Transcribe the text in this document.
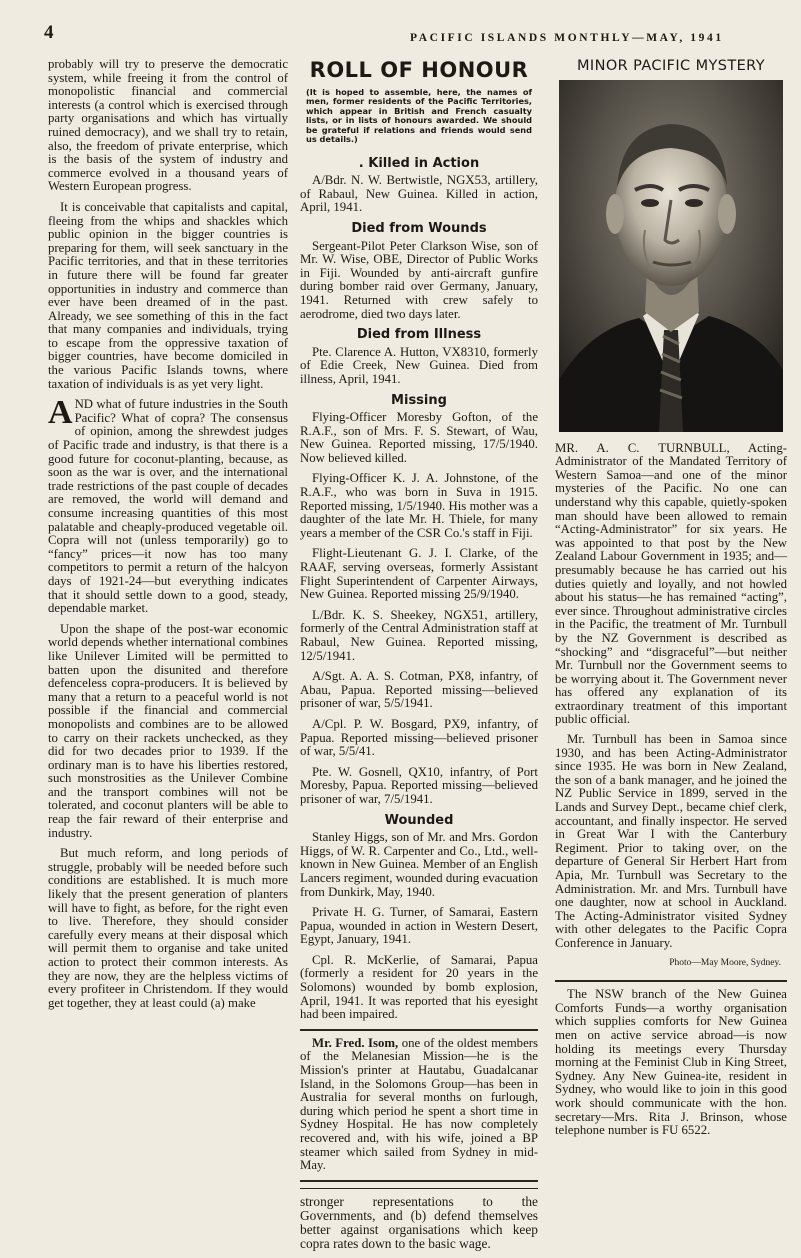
4	PACIFIC ISLANDS MONTHLY—MAY, 1941

probably will try to preserve the democratic system, while freeing it from the control of monopolistic financial and commercial interests (a control which is exercised through party organisations and which has virtually ruined democracy), and we shall try to retain, also, the freedom of private enterprise, which is the basis of the system of industry and commerce evolved in a thousand years of Western European progress.

It is conceivable that capitalists and capital, fleeing from the whips and shackles which public opinion in the bigger countries is preparing for them, will seek sanctuary in the Pacific territories, and that in these territories in future there will be found far greater opportunities in industry and commerce than ever have been dreamed of in the past. Already, we see something of this in the fact that many companies and individuals, trying to escape from the oppressive taxation of bigger countries, have become domiciled in the various Pacific Islands towns, where taxation of individuals is as yet very light.

AND what of future industries in the South Pacific? What of copra? The consensus of opinion, among the shrewdest judges of Pacific trade and industry, is that there is a good future for coconut-planting, because, as soon as the war is over, and the international trade restrictions of the past couple of decades are removed, the world will demand and consume increasing quantities of this most palatable and cheaply-produced vegetable oil. Copra will not (unless temporarily) go to “fancy” prices—it now has too many competitors to permit a return of the halcyon days of 1921-24—but everything indicates that it should settle down to a good, steady, dependable market.

Upon the shape of the post-war economic world depends whether international combines like Unilever Limited will be permitted to batten upon the disunited and therefore defenceless copra-producers. It is believed by many that a return to a peaceful world is not possible if the financial and commercial monopolists and combines are to be allowed to carry on their rackets unchecked, as they did for two decades prior to 1939. If the ordinary man is to have his liberties restored, such monstrosities as the Unilever Combine and the transport combines will not be tolerated, and coconut planters will be able to reap the fair reward of their enterprise and industry.

But much reform, and long periods of struggle, probably will be needed before such conditions are established. It is much more likely that the present generation of planters will have to fight, as before, for the right even to live. Therefore, they should consider carefully every means at their disposal which will permit them to organise and take united action to protect their common interests. As they are now, they are the helpless victims of every profiteer in Christendom. If they would get together, they at least could (a) make

ROLL OF HONOUR
(It is hoped to assemble, here, the names of men, former residents of the Pacific Territories, which appear in British and French casualty lists, or in lists of honours awarded. We should be grateful if relations and friends would send us details.)
. Killed in Action

A/Bdr. N. W. Bertwistle, NGX53, artillery, of Rabaul, New Guinea. Killed in action, April, 1941.

Died from Wounds

Sergeant-Pilot Peter Clarkson Wise, son of Mr. W. Wise, OBE, Director of Public Works in Fiji. Wounded by anti-aircraft gunfire during bomber raid over Germany, January, 1941. Returned with crew safely to aerodrome, died two days later.

Died from Illness

Pte. Clarence A. Hutton, VX8310, formerly of Edie Creek, New Guinea. Died from illness, April, 1941.

Missing

Flying-Officer Moresby Gofton, of the R.A.F., son of Mrs. F. S. Stewart, of Wau, New Guinea. Reported missing, 17/5/1940. Now believed killed.

Flying-Officer K. J. A. Johnstone, of the R.A.F., who was born in Suva in 1915. Reported missing, 1/5/1940. His mother was a daughter of the late Mr. H. Thiele, for many years a member of the CSR Co.'s staff in Fiji.

Flight-Lieutenant G. J. I. Clarke, of the RAAF, serving overseas, formerly Assistant Flight Superintendent of Carpenter Airways, New Guinea. Reported missing 25/9/1940.

L/Bdr. K. S. Sheekey, NGX51, artillery, formerly of the Central Administration staff at Rabaul, New Guinea. Reported missing, 12/5/1941.

A/Sgt. A. A. S. Cotman, PX8, infantry, of Abau, Papua. Reported missing—believed prisoner of war, 5/5/1941.

A/Cpl. P. W. Bosgard, PX9, infantry, of Papua. Reported missing—believed prisoner of war, 5/5/41.

Pte. W. Gosnell, QX10, infantry, of Port Moresby, Papua. Reported missing—believed prisoner of war, 7/5/1941.

Wounded

Stanley Higgs, son of Mr. and Mrs. Gordon Higgs, of W. R. Carpenter and Co., Ltd., well-known in New Guinea. Member of an English Lancers regiment, wounded during evacuation from Dunkirk, May, 1940.

Private H. G. Turner, of Samarai, Eastern Papua, wounded in action in Western Desert, Egypt, January, 1941.

Cpl. R. McKerlie, of Samarai, Papua (formerly a resident for 20 years in the Solomons) wounded by bomb explosion, April, 1941. It was reported that his eyesight had been impaired.

Mr. Fred. Isom, one of the oldest members of the Melanesian Mission—he is the Mission's printer at Hautabu, Guadalcanar Island, in the Solomons Group—has been in Australia for several months on furlough, during which period he spent a short time in Sydney Hospital. He has now completely recovered and, with his wife, joined a BP steamer which sailed from Sydney in mid-May.

stronger representations to the Governments, and (b) defend themselves better against organisations which keep copra rates down to the basic wage.

MINOR PACIFIC MYSTERY

MR. A. C. TURNBULL, Acting-Administrator of the Mandated Territory of Western Samoa—and one of the minor mysteries of the Pacific. No one can understand why this capable, quietly-spoken man should have been allowed to remain “Acting-Administrator” for six years. He was appointed to that post by the New Zealand Labour Government in 1935; and—presumably because he has carried out his duties quietly and loyally, and not howled about his status—he has remained “acting”, ever since. Throughout administrative circles in the Pacific, the treatment of Mr. Turnbull by the NZ Government is described as “shocking” and “disgraceful”—but neither Mr. Turnbull nor the Government seems to be worrying about it. The Government never has offered any explanation of its extraordinary treatment of this important public official.

Mr. Turnbull has been in Samoa since 1930, and has been Acting-Administrator since 1935. He was born in New Zealand, the son of a bank manager, and he joined the NZ Public Service in 1899, served in the Lands and Survey Dept., became chief clerk, accountant, and finally inspector. He served in Great War I with the Canterbury Regiment. Prior to taking over, on the departure of General Sir Herbert Hart from Apia, Mr. Turnbull was Secretary to the Administration. Mr. and Mrs. Turnbull have one daughter, now at school in Auckland. The Acting-Administrator visited Sydney with other delegates to the Pacific Copra Conference in January.

Photo—May Moore, Sydney.

The NSW branch of the New Guinea Comforts Funds—a worthy organisation which supplies comforts for New Guinea men on active service abroad—is now holding its meetings every Thursday morning at the Feminist Club in King Street, Sydney. Any New Guinea-ite, resident in Sydney, who would like to join in this good work should communicate with the hon. secretary—Mrs. Rita J. Brinson, whose telephone number is FU 6522.
